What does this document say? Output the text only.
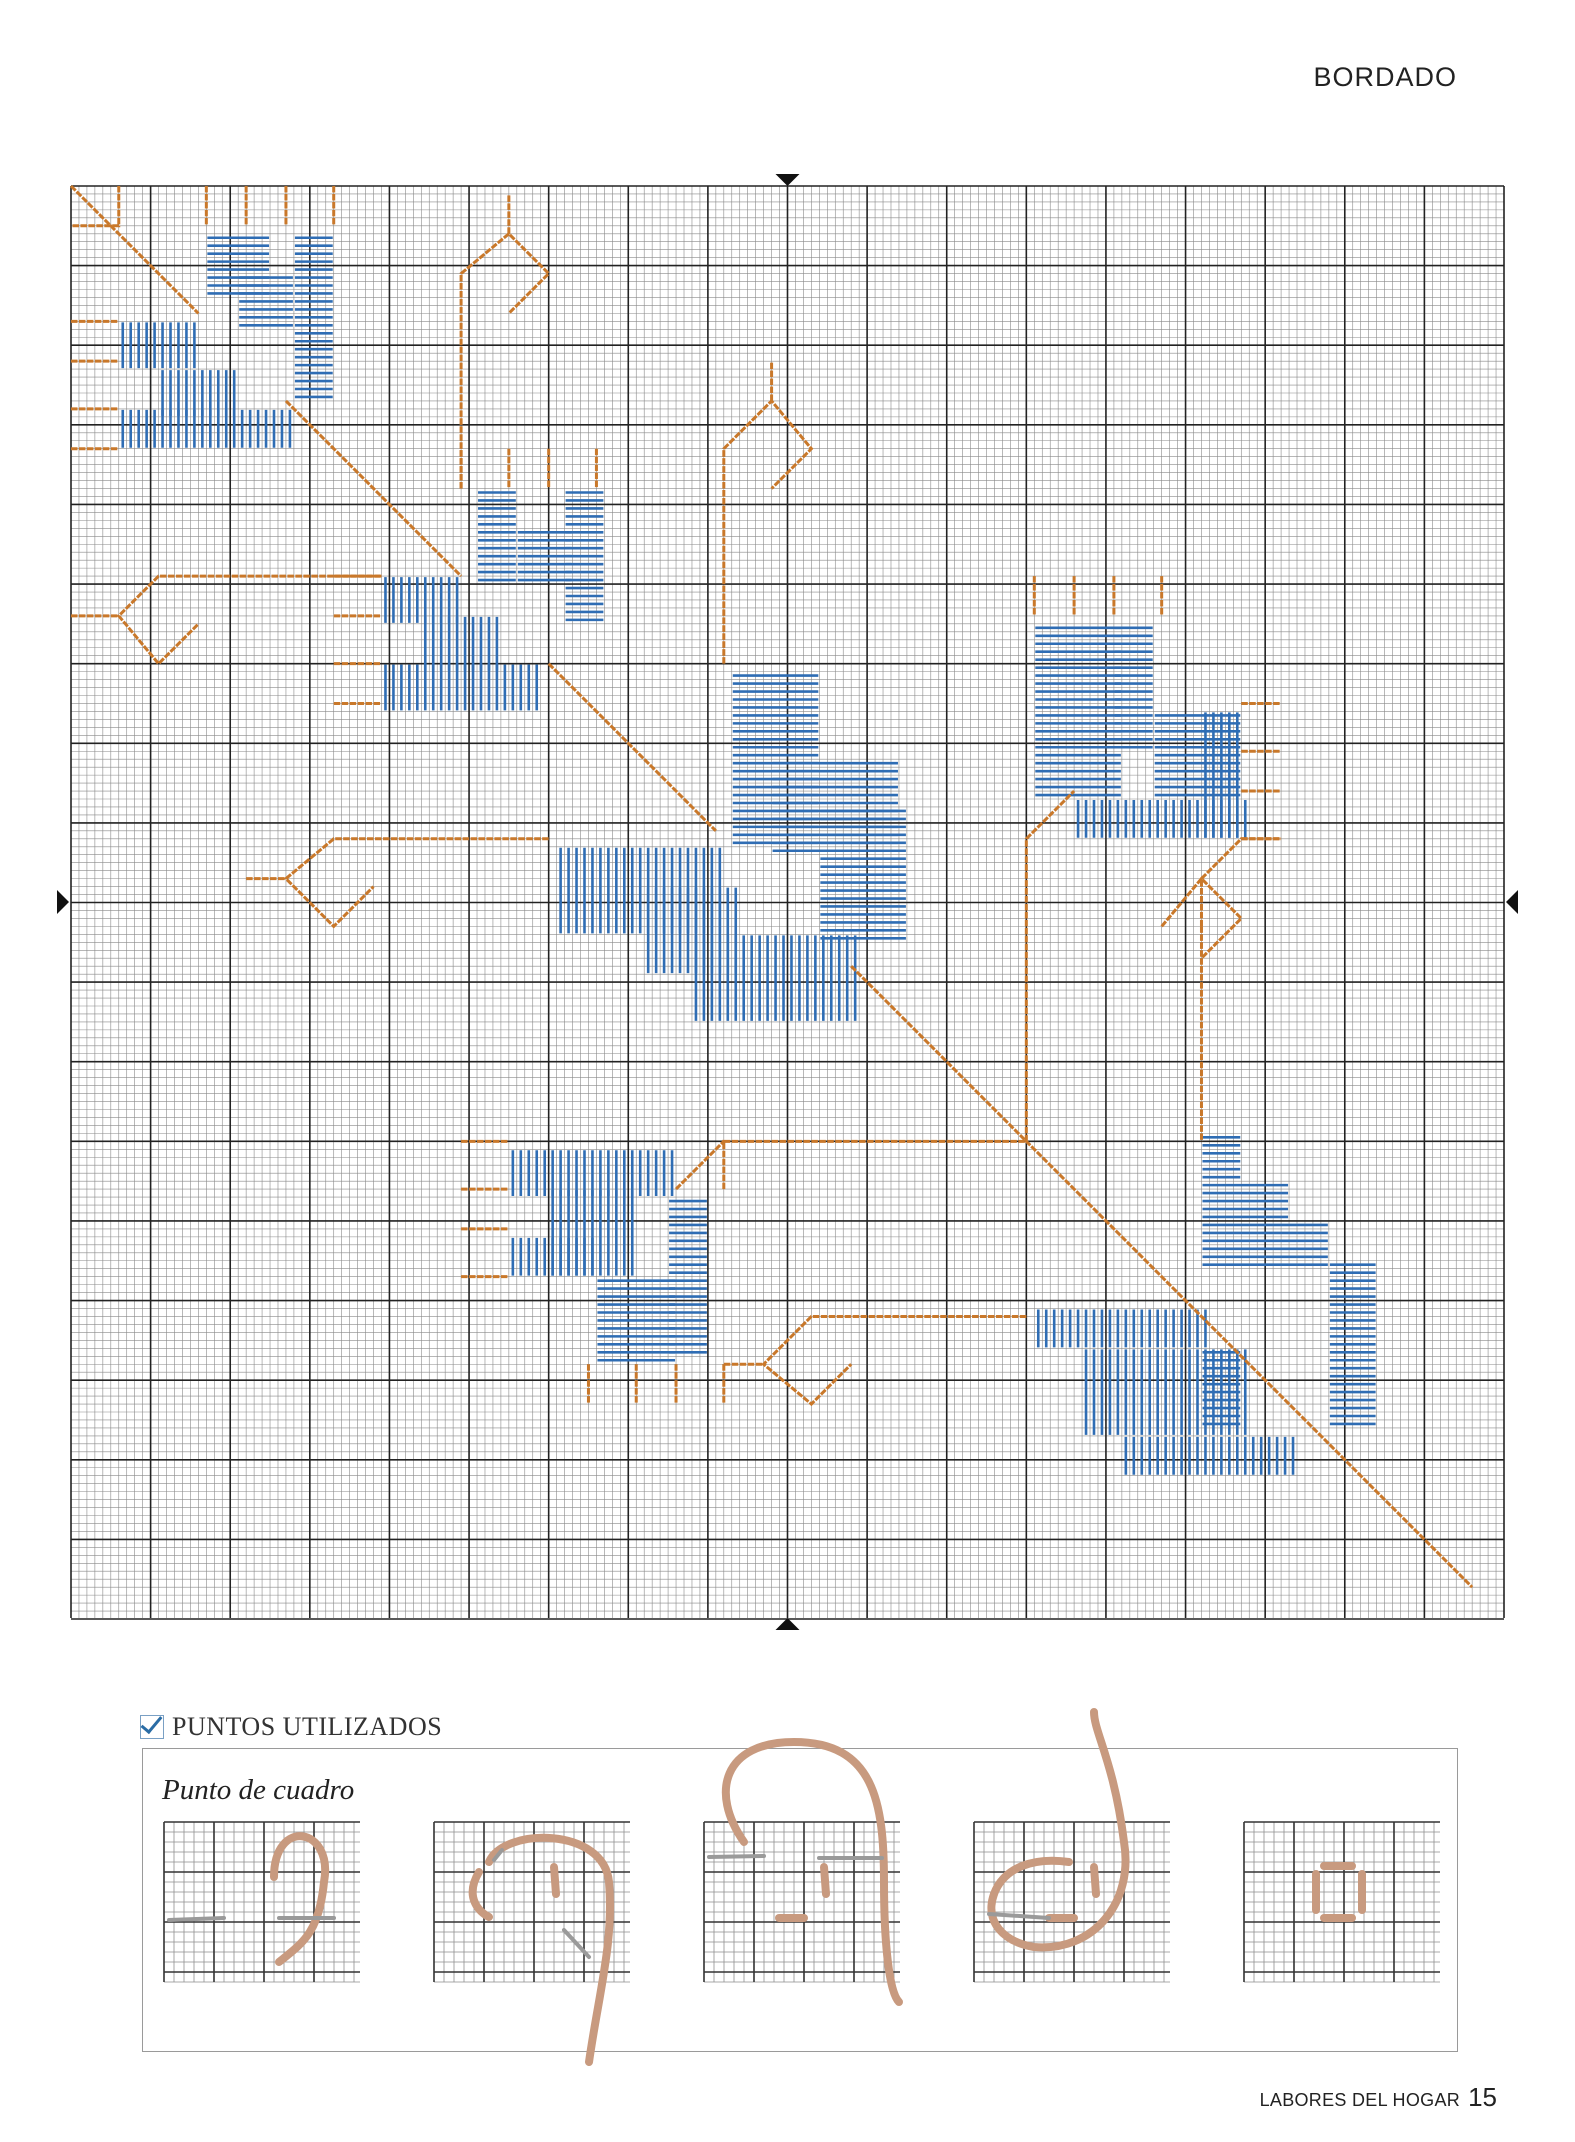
BORDADO
PUNTOS UTILIZADOS
Punto de cuadro
LABORES DEL HOGAR 15
